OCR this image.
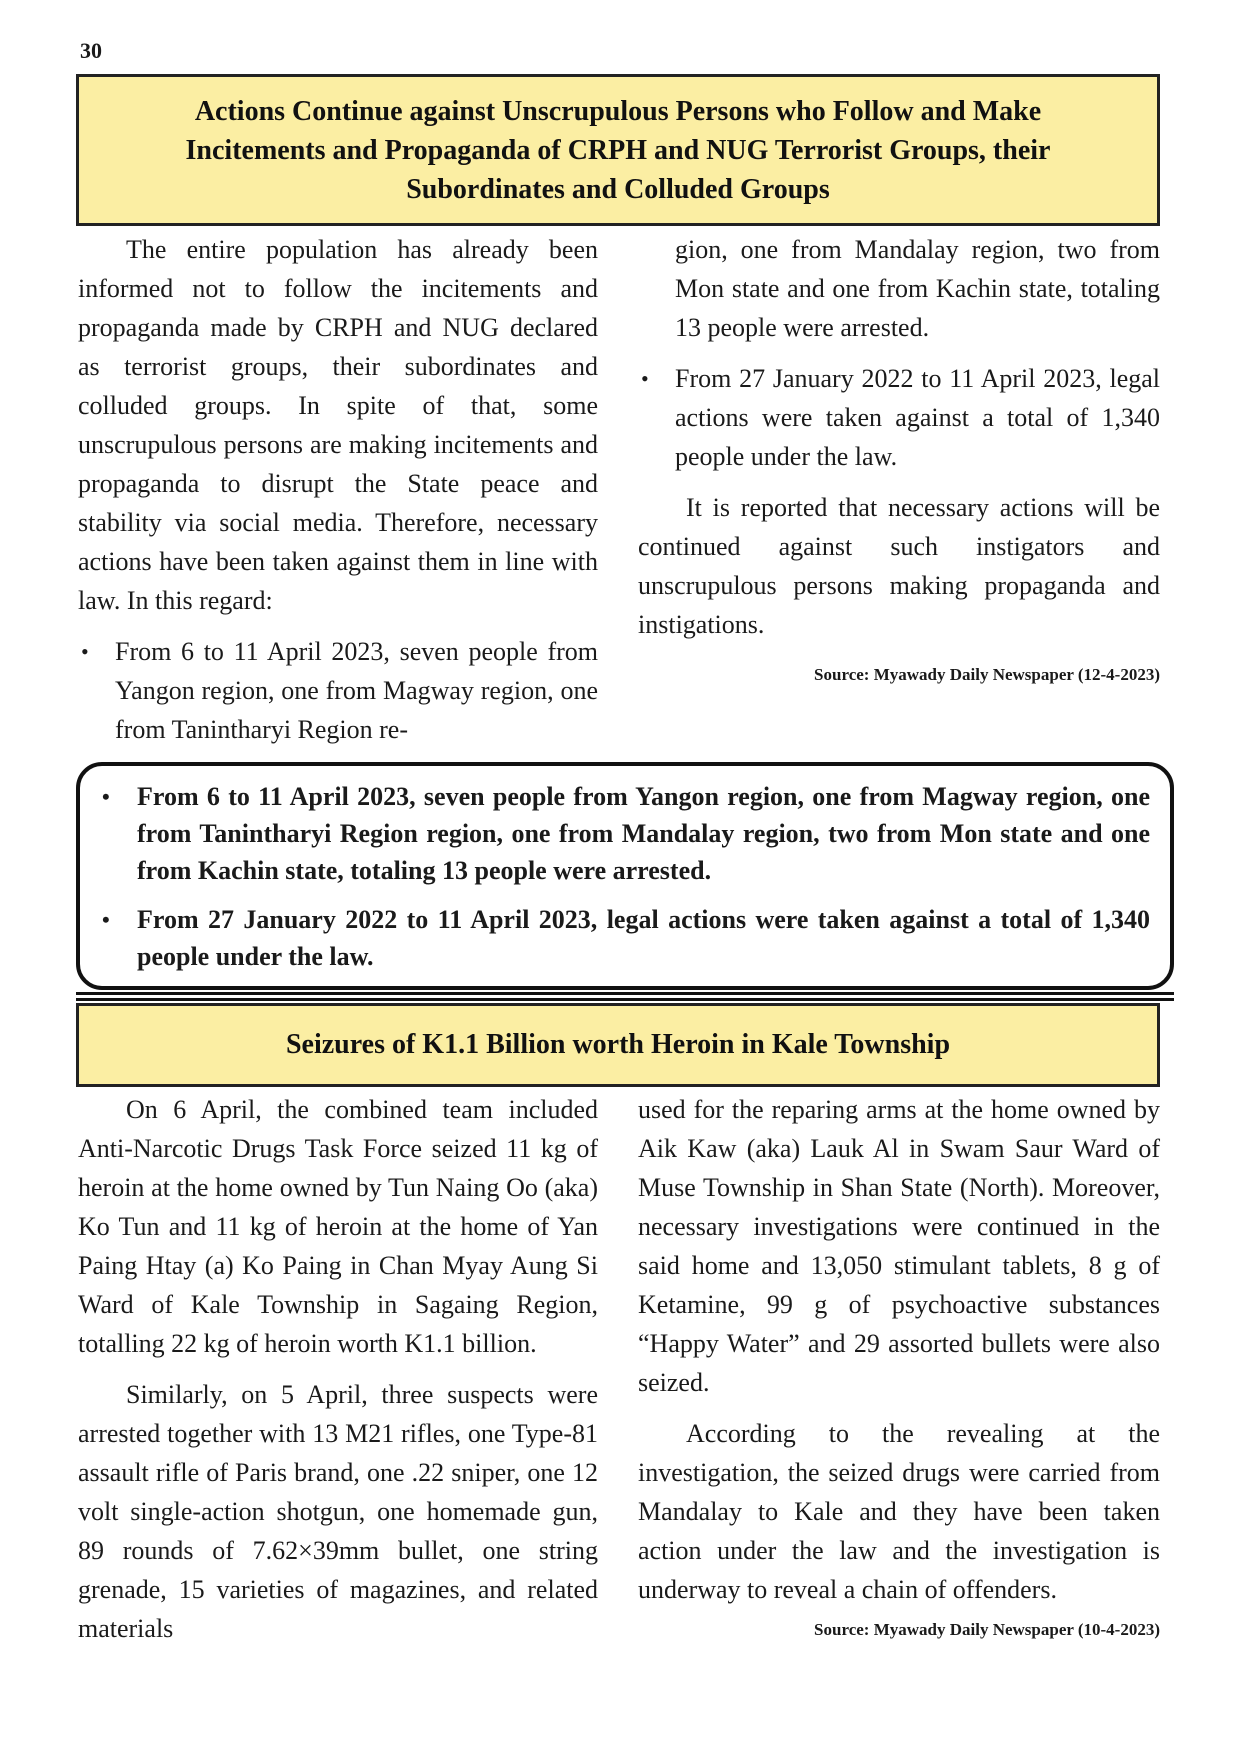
30
Actions Continue against Unscrupulous Persons who Follow and Make
Incitements and Propaganda of CRPH and NUG Terrorist Groups, their
Subordinates and Colluded Groups

The entire population has already been informed not to follow the incitements and propaganda made by CRPH and NUG declared as terrorist groups, their subordinates and colluded groups. In spite of that, some unscrupulous persons are making incitements and propaganda to disrupt the State peace and stability via social media. Therefore, necessary actions have been taken against them in line with law. In this regard:

• From 6 to 11 April 2023, seven people from Yangon region, one from Magway region, one from Tanintharyi Region re-
gion, one from Mandalay region, two from Mon state and one from Kachin state, totaling 13 people were arrested.
• From 27 January 2022 to 11 April 2023, legal actions were taken against a total of 1,340 people under the law.

It is reported that necessary actions will be continued against such instigators and unscrupulous persons making propaganda and instigations.

Source: Myawady Daily Newspaper (12-4-2023)
• From 6 to 11 April 2023, seven people from Yangon region, one from Magway region, one from Tanintharyi Region region, one from Mandalay region, two from Mon state and one from Kachin state, totaling 13 people were arrested.
• From 27 January 2022 to 11 April 2023, legal actions were taken against a total of 1,340 people under the law.
Seizures of K1.1 Billion worth Heroin in Kale Township

On 6 April, the combined team included Anti-Narcotic Drugs Task Force seized 11 kg of heroin at the home owned by Tun Naing Oo (aka) Ko Tun and 11 kg of heroin at the home of Yan Paing Htay (a) Ko Paing in Chan Myay Aung Si Ward of Kale Township in Sagaing Region, totalling 22 kg of heroin worth K1.1 billion.

Similarly, on 5 April, three suspects were arrested together with 13 M21 rifles, one Type-81 assault rifle of Paris brand, one .22 sniper, one 12 volt single-action shotgun, one homemade gun, 89 rounds of 7.62×39mm bullet, one string grenade, 15 varieties of magazines, and related materials

used for the reparing arms at the home owned by Aik Kaw (aka) Lauk Al in Swam Saur Ward of Muse Township in Shan State (North). Moreover, necessary investigations were continued in the said home and 13,050 stimulant tablets, 8 g of Ketamine, 99 g of psychoactive substances “Happy Water” and 29 assorted bullets were also seized.

According to the revealing at the investigation, the seized drugs were carried from Mandalay to Kale and they have been taken action under the law and the investigation is underway to reveal a chain of offenders.

Source: Myawady Daily Newspaper (10-4-2023)
